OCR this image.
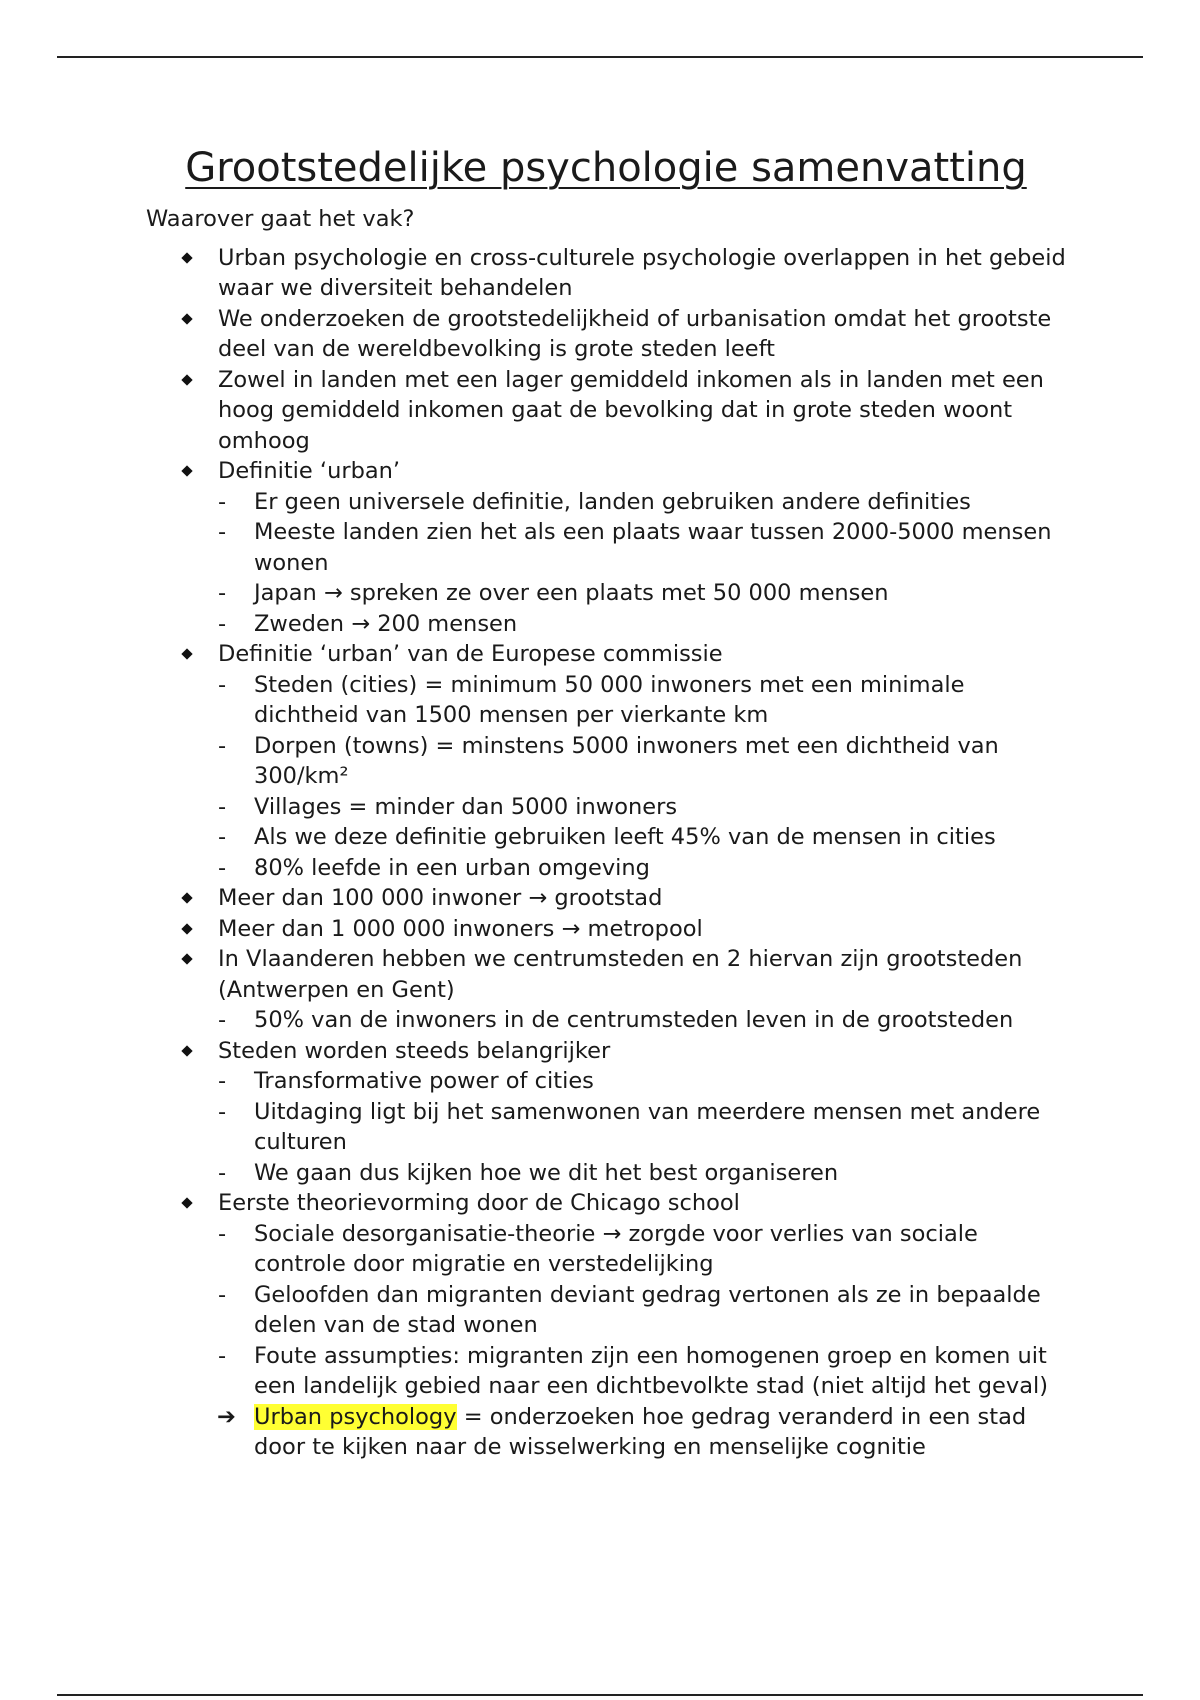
Grootstedelijke psychologie samenvatting

Waarover gaat het vak?

Urban psychologie en cross-culturele psychologie overlappen in het gebeid waar we diversiteit behandelen
We onderzoeken de grootstedelijkheid of urbanisation omdat het grootste deel van de wereldbevolking is grote steden leeft
Zowel in landen met een lager gemiddeld inkomen als in landen met een hoog gemiddeld inkomen gaat de bevolking dat in grote steden woont omhoog
Definitie ‘urban’
- Er geen universele definitie, landen gebruiken andere definities
- Meeste landen zien het als een plaats waar tussen 2000-5000 mensen wonen
- Japan → spreken ze over een plaats met 50 000 mensen
- Zweden → 200 mensen
Definitie ‘urban’ van de Europese commissie
- Steden (cities) = minimum 50 000 inwoners met een minimale dichtheid van 1500 mensen per vierkante km
- Dorpen (towns) = minstens 5000 inwoners met een dichtheid van 300/km²
- Villages = minder dan 5000 inwoners
- Als we deze definitie gebruiken leeft 45% van de mensen in cities
- 80% leefde in een urban omgeving
Meer dan 100 000 inwoner → grootstad
Meer dan 1 000 000 inwoners → metropool
In Vlaanderen hebben we centrumsteden en 2 hiervan zijn grootsteden (Antwerpen en Gent)
- 50% van de inwoners in de centrumsteden leven in de grootsteden
Steden worden steeds belangrijker
- Transformative power of cities
- Uitdaging ligt bij het samenwonen van meerdere mensen met andere culturen
- We gaan dus kijken hoe we dit het best organiseren
Eerste theorievorming door de Chicago school
- Sociale desorganisatie-theorie → zorgde voor verlies van sociale controle door migratie en verstedelijking
- Geloofden dan migranten deviant gedrag vertonen als ze in bepaalde delen van de stad wonen
- Foute assumpties: migranten zijn een homogenen groep en komen uit een landelijk gebied naar een dichtbevolkte stad (niet altijd het geval)
➔ Urban psychology = onderzoeken hoe gedrag veranderd in een stad door te kijken naar de wisselwerking en menselijke cognitie
